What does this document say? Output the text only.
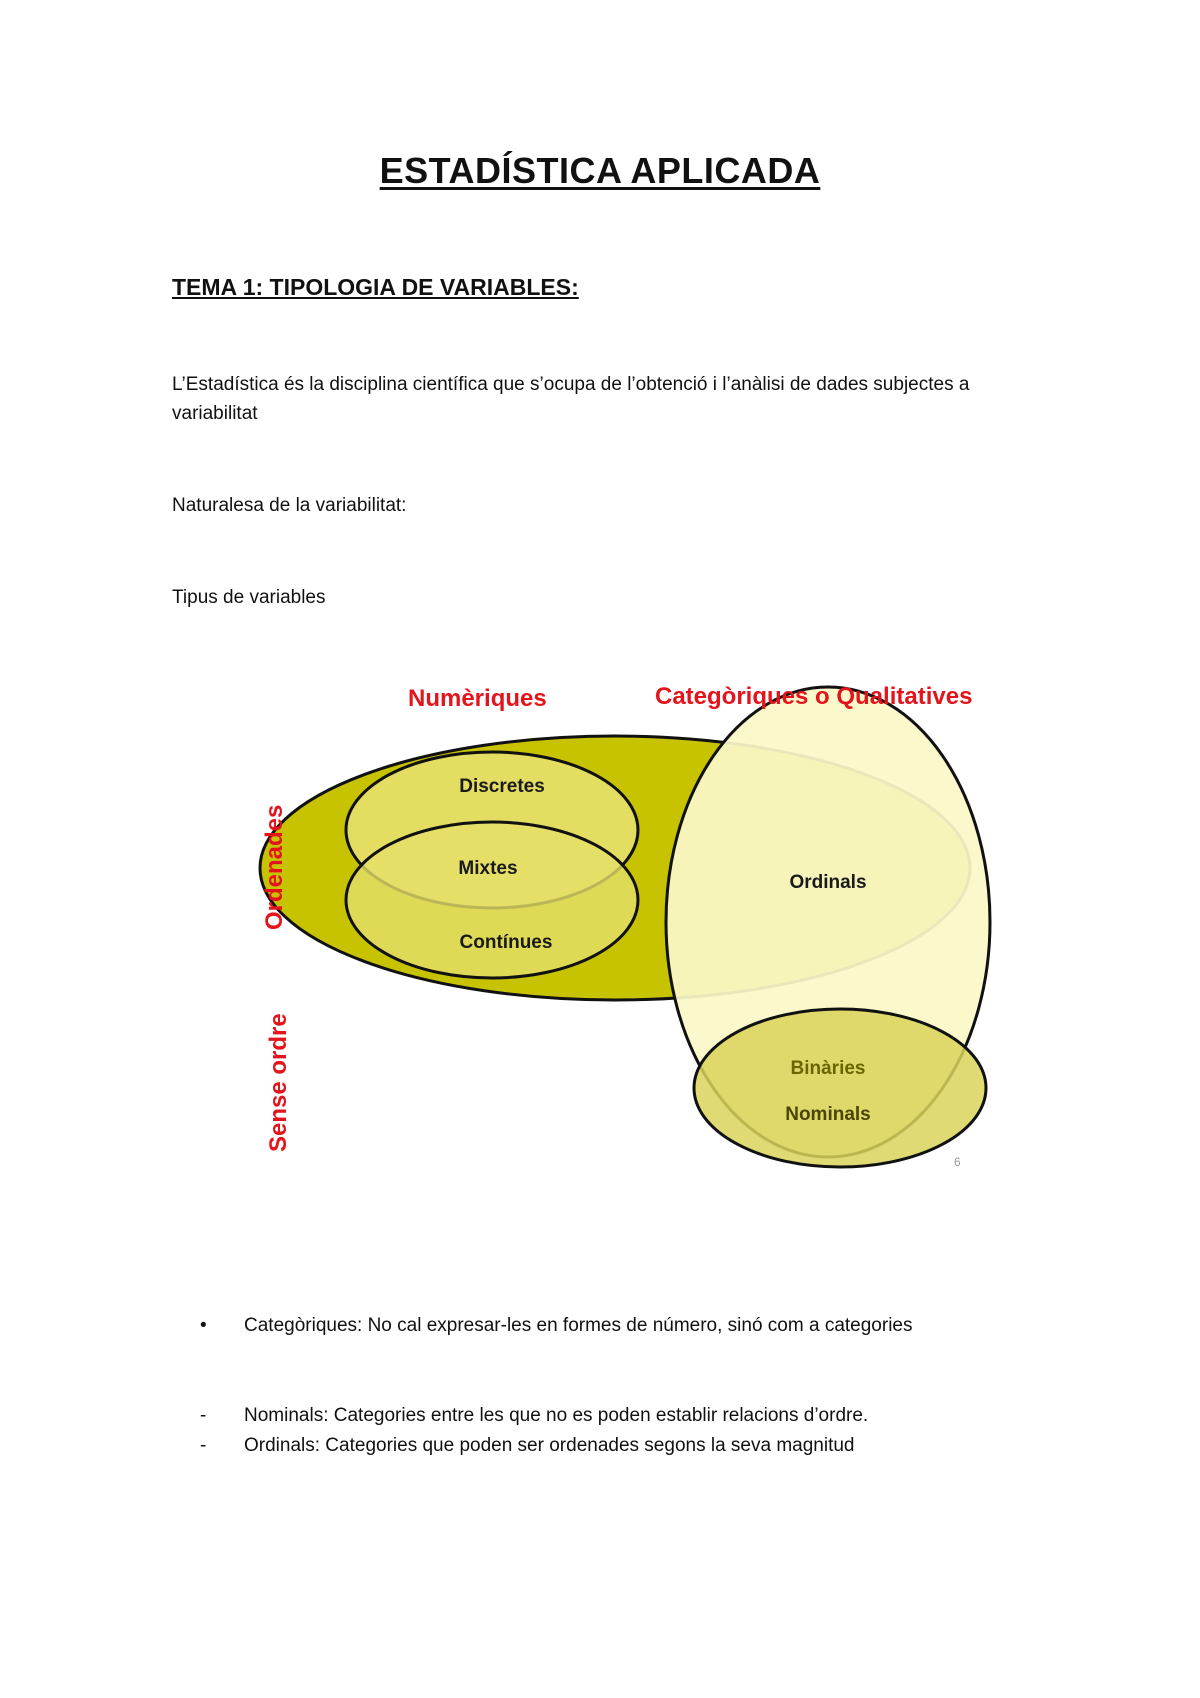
ESTADÍSTICA APLICADA
TEMA 1: TIPOLOGIA DE VARIABLES:

L’Estadística és la disciplina científica que s’ocupa de l’obtenció i l’anàlisi de dades subjectes a variabilitat

Naturalesa de la variabilitat:

Tipus de variables

Numèriques	Categòriques o Qualitatives
Ordenades
Sense ordre
Discretes
Mixtes
Contínues
Ordinals
Binàries
Nominals
6
• Categòriques: No cal expresar-les en formes de número, sinó com a categories
- Nominals: Categories entre les que no es poden establir relacions d’ordre.
- Ordinals: Categories que poden ser ordenades segons la seva magnitud
